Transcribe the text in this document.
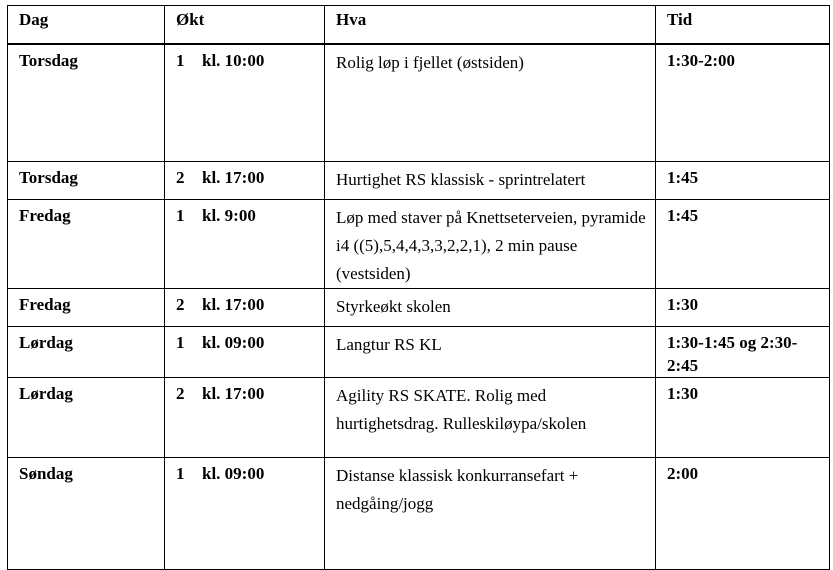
Dag	Økt	Hva	Tid
Torsdag	1 kl. 10:00	Rolig løp i fjellet (østsiden)	1:30-2:00
Torsdag	2 kl. 17:00	Hurtighet RS klassisk - sprintrelatert	1:45
Fredag	1 kl. 9:00	Løp med staver på Knettseterveien, pyramide i4 ((5),5,4,4,3,3,2,2,1), 2 min pause (vestsiden)	1:45
Fredag	2 kl. 17:00	Styrkeøkt skolen	1:30
Lørdag	1 kl. 09:00	Langtur RS KL	1:30-1:45 og 2:30-2:45
Lørdag	2 kl. 17:00	Agility RS SKATE. Rolig med hurtighetsdrag. Rulleskiløypa/skolen	1:30
Søndag	1 kl. 09:00	Distanse klassisk konkurransefart + nedgåing/jogg	2:00
